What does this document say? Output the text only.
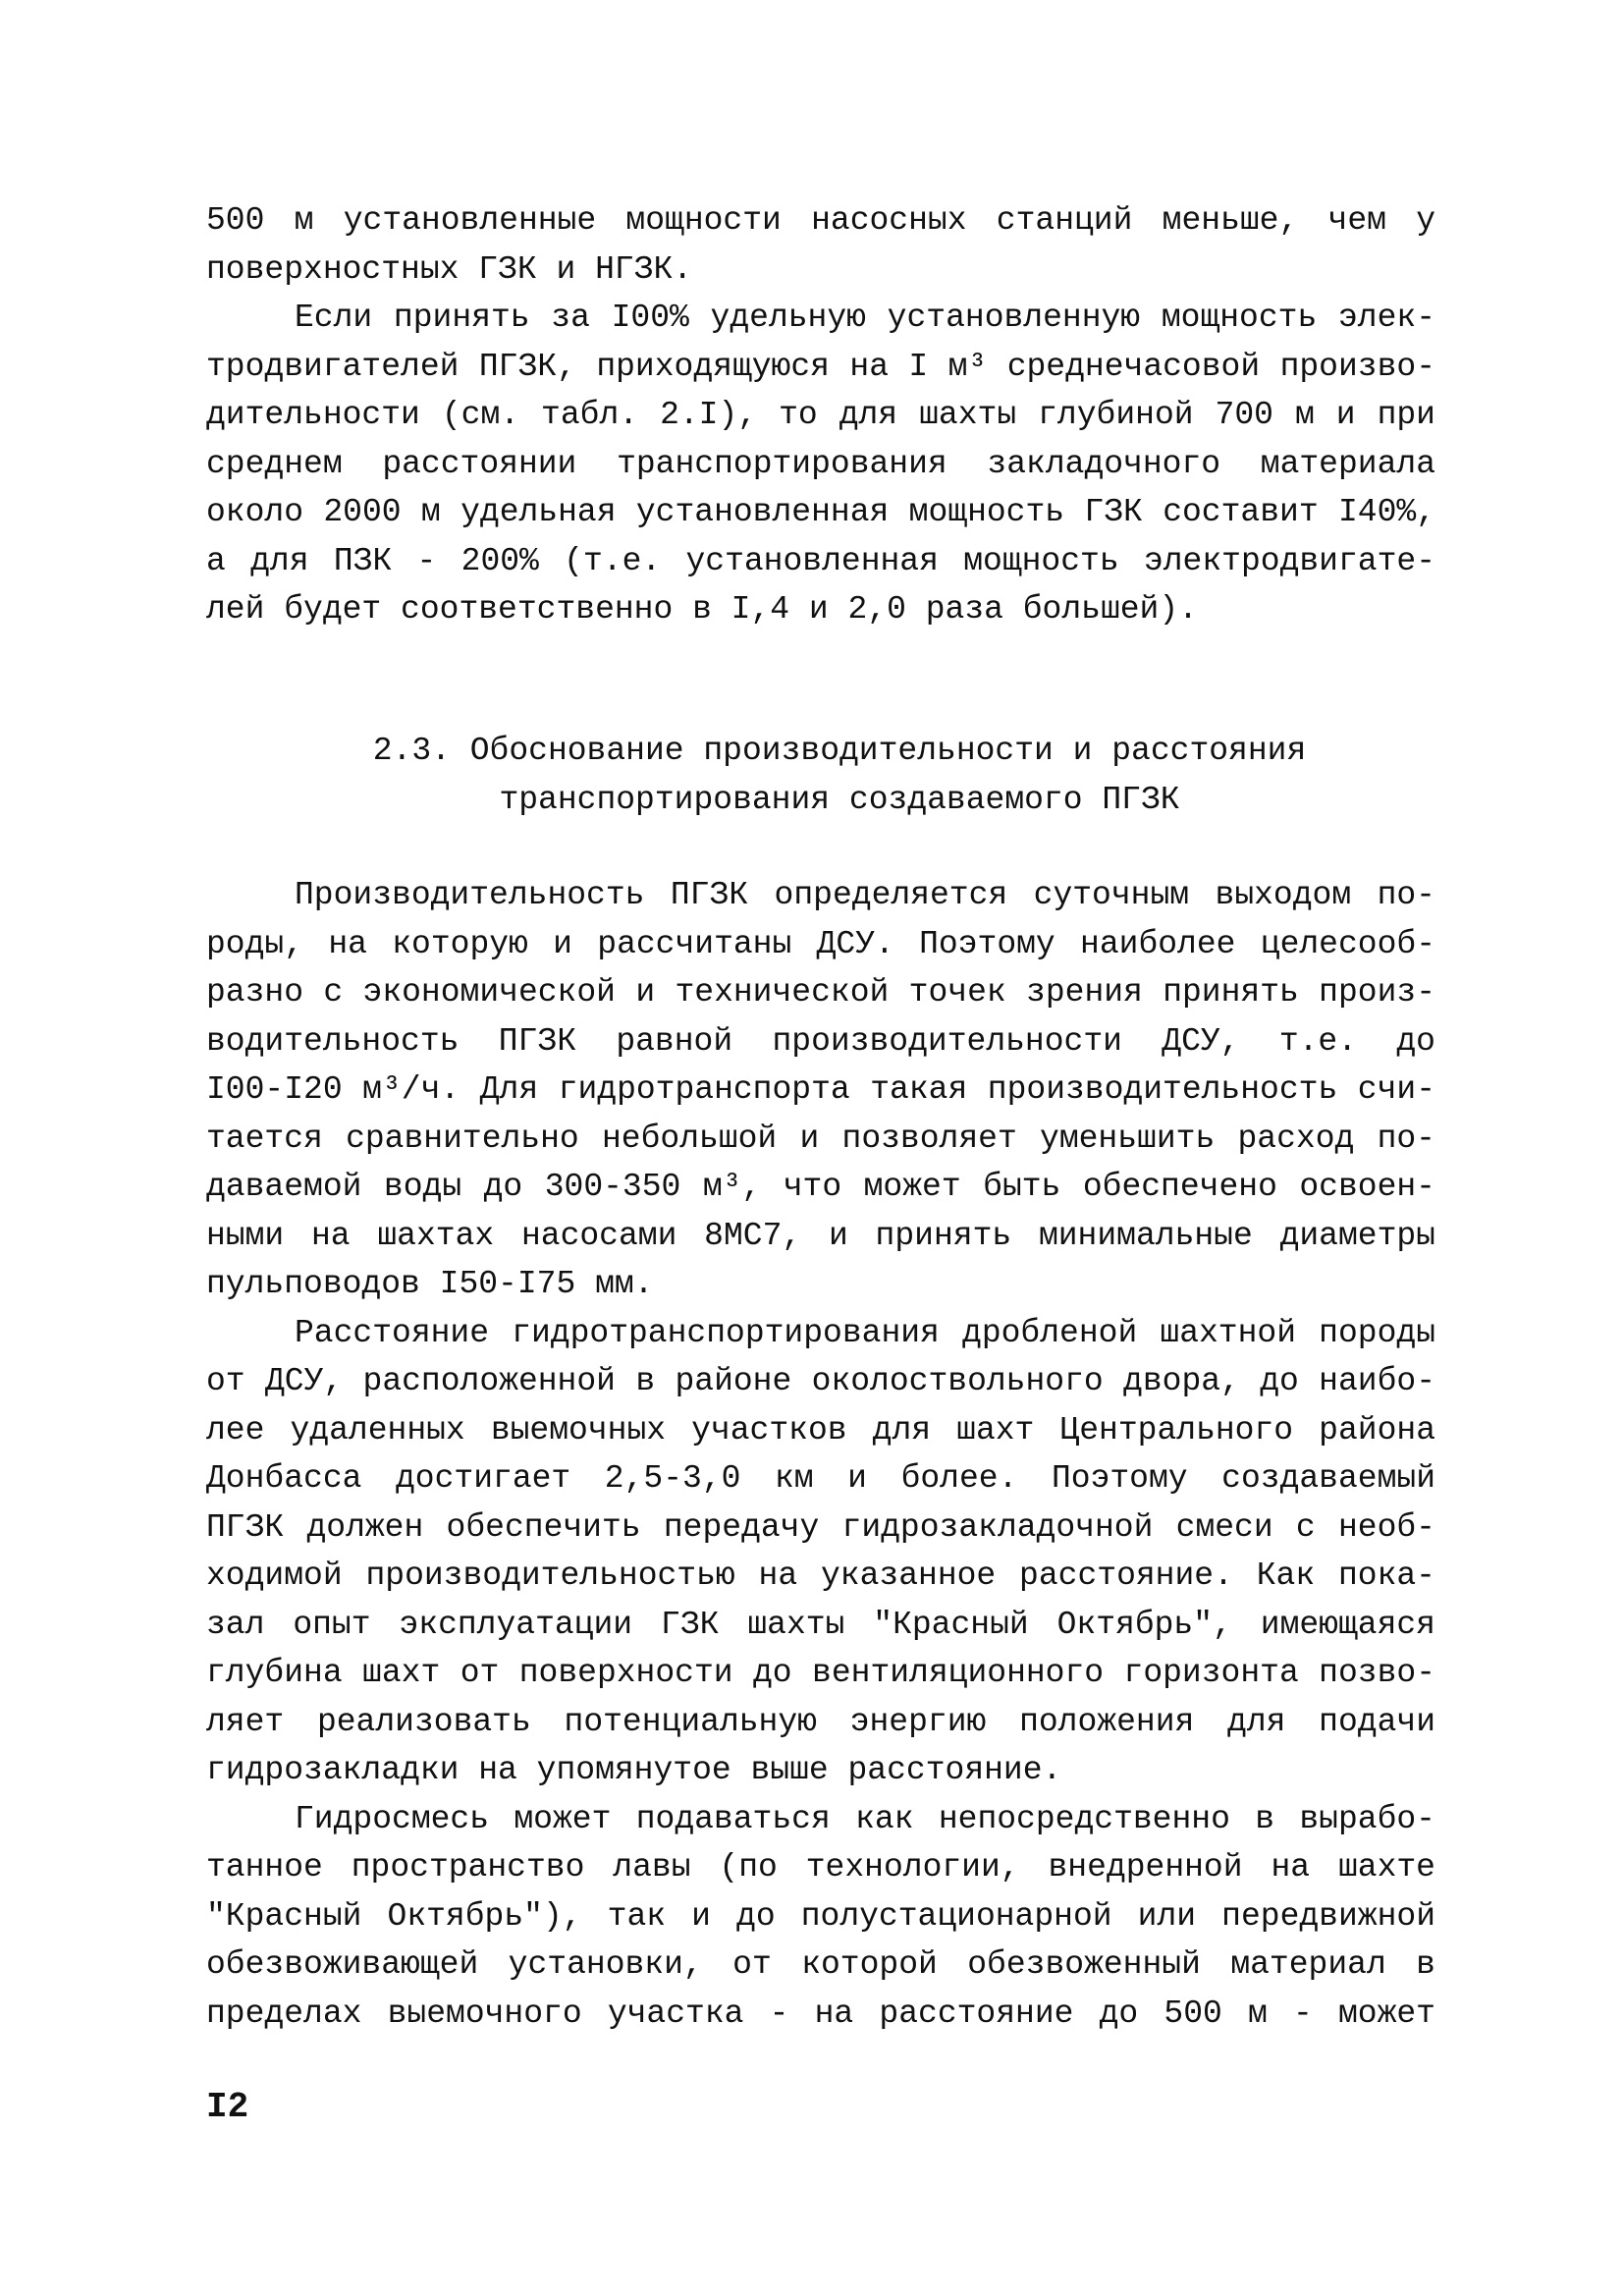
500 м установленные мощности насосных станций меньше, чем у
поверхностных ГЗК и НГЗК.
Если принять за I00% удельную установленную мощность элек-
тродвигателей ПГЗК, приходящуюся на I м³ среднечасовой произво-
дительности (см. табл. 2.I), то для шахты глубиной 700 м и при
среднем расстоянии транспортирования закладочного материала
около 2000 м удельная установленная мощность ГЗК составит I40%,
а для ПЗК - 200% (т.е. установленная мощность электродвигате-
лей будет соответственно в I,4 и 2,0 раза большей).
2.3. Обоснование производительности и расстояния
транспортирования создаваемого ПГЗК
Производительность ПГЗК определяется суточным выходом по-
роды, на которую и рассчитаны ДСУ. Поэтому наиболее целесооб-
разно с экономической и технической точек зрения принять произ-
водительность ПГЗК равной производительности ДСУ, т.е. до
I00-I20 м³/ч. Для гидротранспорта такая производительность счи-
тается сравнительно небольшой и позволяет уменьшить расход по-
даваемой воды до 300-350 м³, что может быть обеспечено освоен-
ными на шахтах насосами 8МС7, и принять минимальные диаметры
пульповодов I50-I75 мм.
Расстояние гидротранспортирования дробленой шахтной породы
от ДСУ, расположенной в районе околоствольного двора, до наибо-
лее удаленных выемочных участков для шахт Центрального района
Донбасса достигает 2,5-3,0 км и более. Поэтому создаваемый
ПГЗК должен обеспечить передачу гидрозакладочной смеси с необ-
ходимой производительностью на указанное расстояние. Как пока-
зал опыт эксплуатации ГЗК шахты "Красный Октябрь", имеющаяся
глубина шахт от поверхности до вентиляционного горизонта позво-
ляет реализовать потенциальную энергию положения для подачи
гидрозакладки на упомянутое выше расстояние.
Гидросмесь может подаваться как непосредственно в вырабо-
танное пространство лавы (по технологии, внедренной на шахте
"Красный Октябрь"), так и до полустационарной или передвижной
обезвоживающей установки, от которой обезвоженный материал в
пределах выемочного участка - на расстояние до 500 м - может
I2
